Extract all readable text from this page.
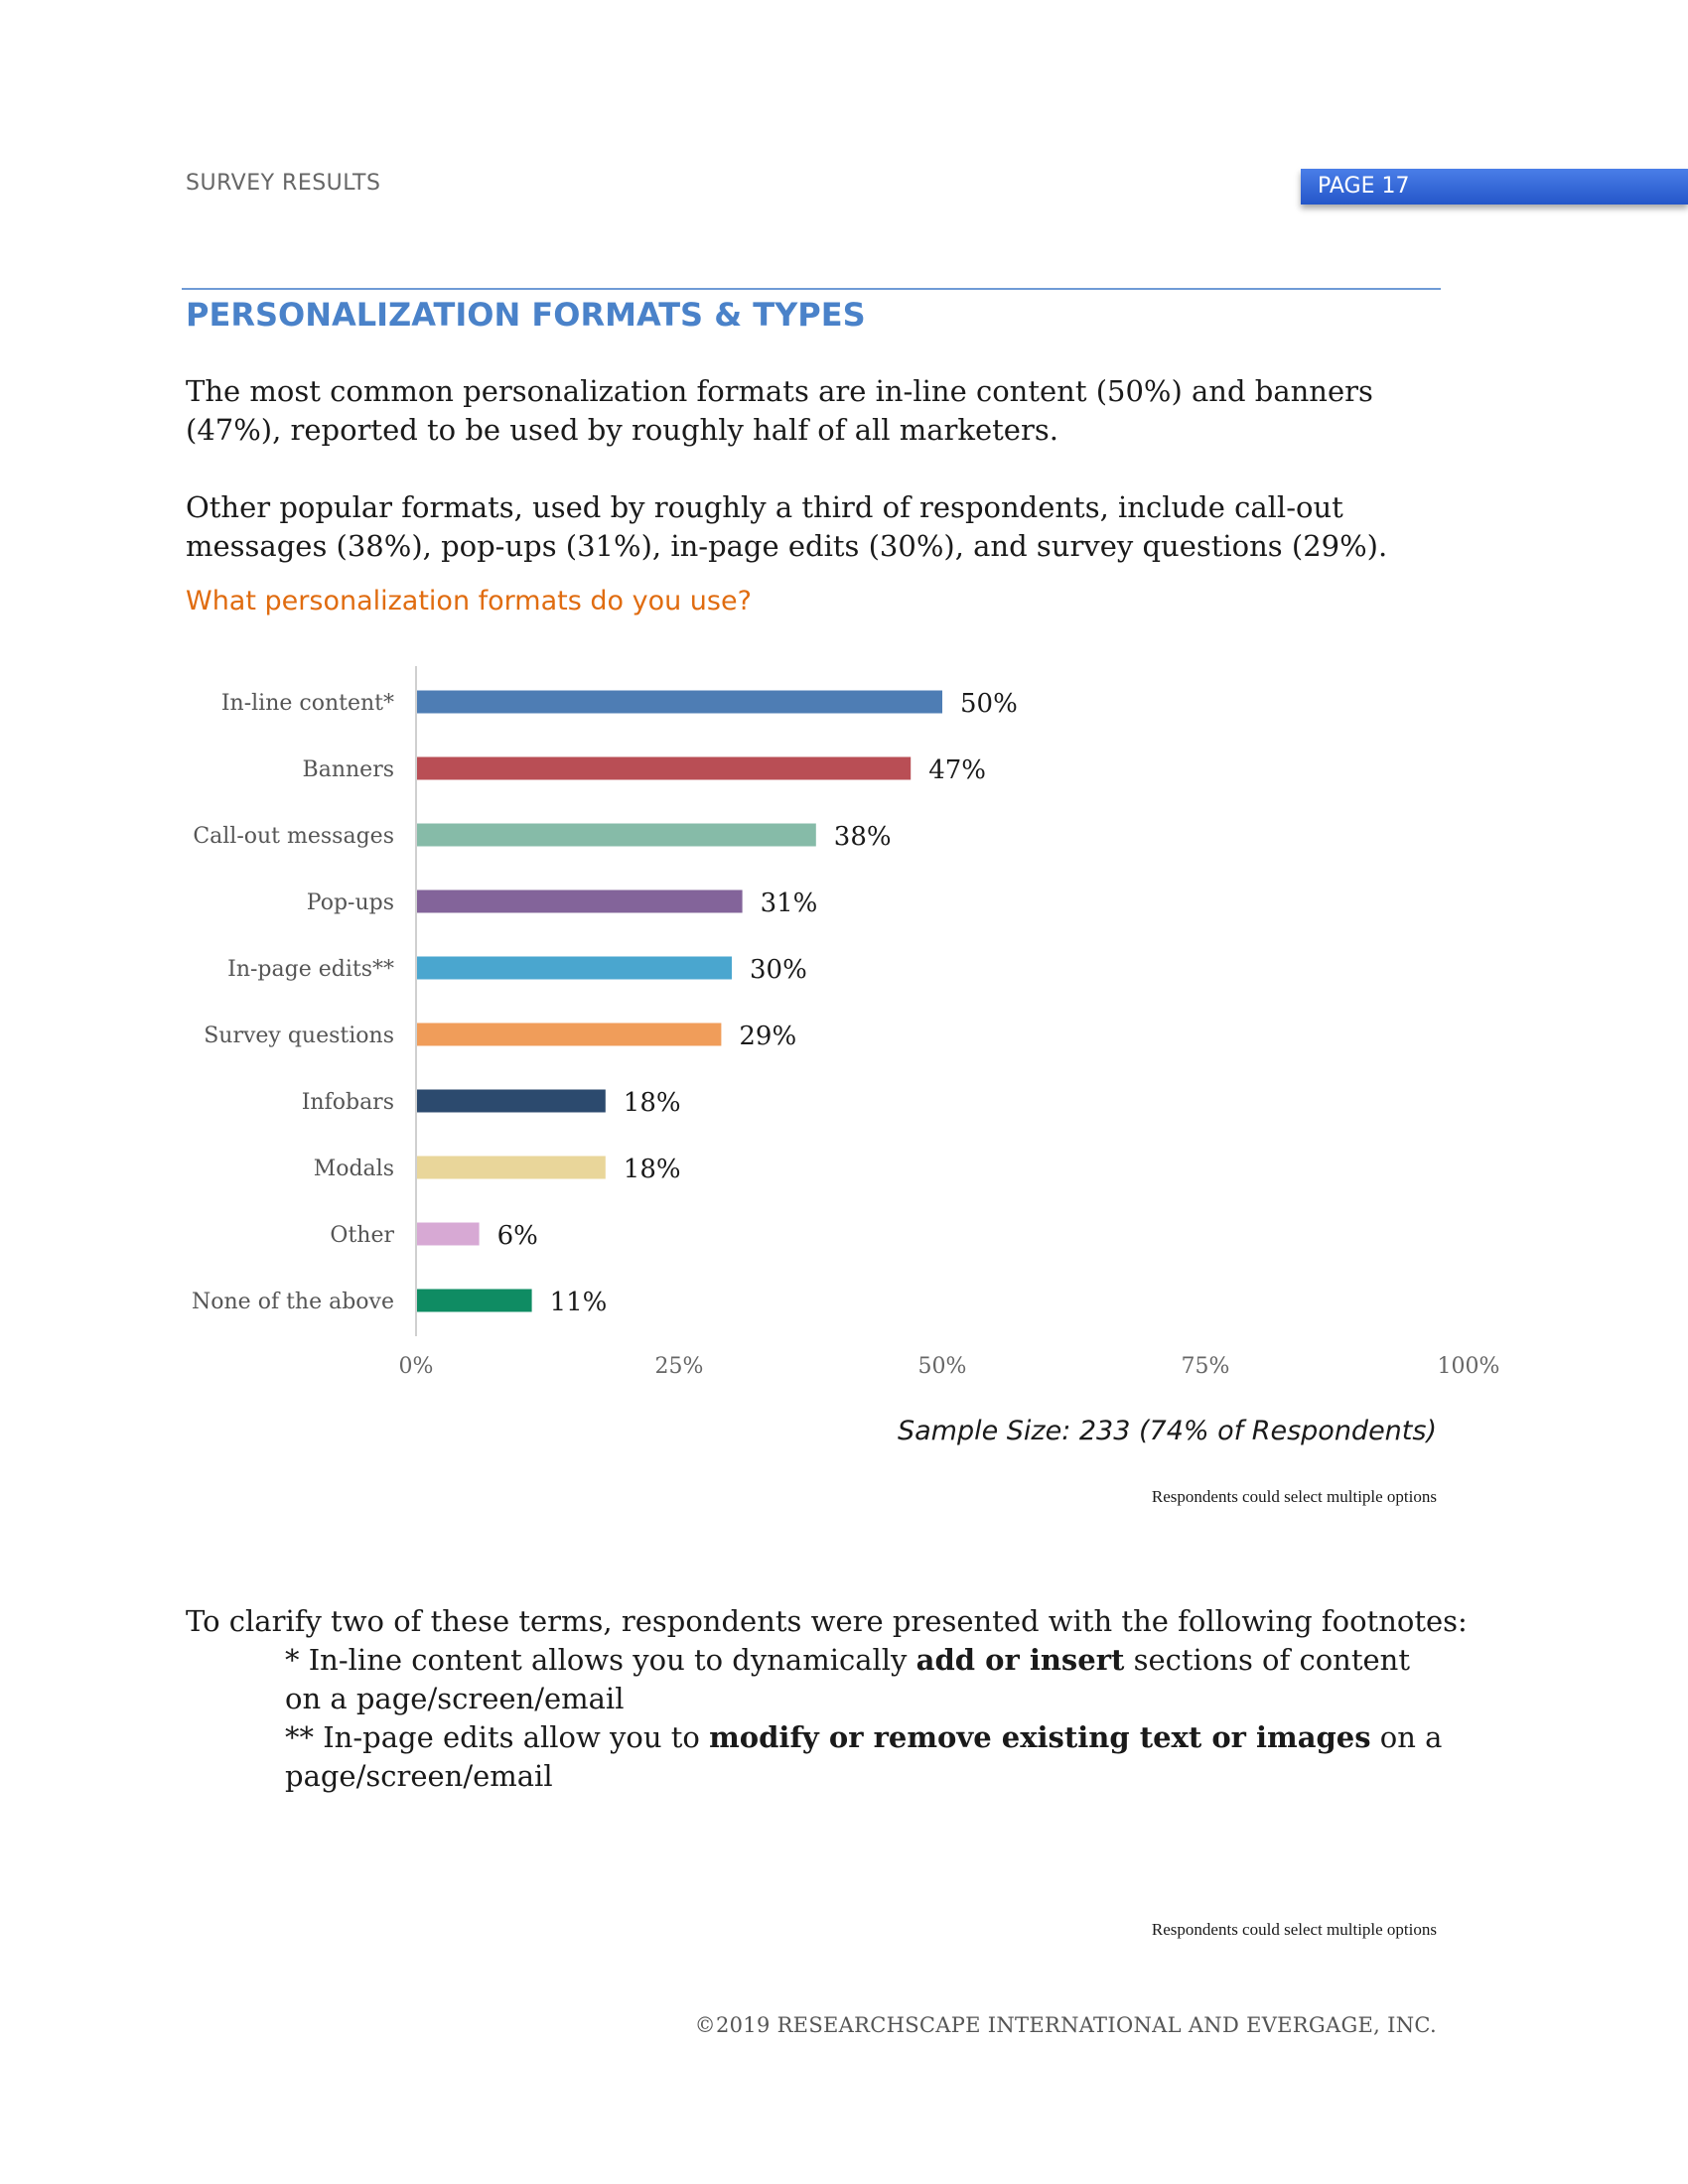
SURVEY RESULTS	PAGE 17
PERSONALIZATION FORMATS & TYPES
The most common personalization formats are in-line content (50%) and banners (47%), reported to be used by roughly half of all marketers.
Other popular formats, used by roughly a third of respondents, include call-out messages (38%), pop-ups (31%), in-page edits (30%), and survey questions (29%).
What personalization formats do you use?
In-line content*	50%
Banners	47%
Call-out messages	38%
Pop-ups	31%
In-page edits**	30%
Survey questions	29%
Infobars	18%
Modals	18%
Other	6%
None of the above	11%
0%	25%	50%	75%	100%
Sample Size: 233 (74% of Respondents)
Respondents could select multiple options
To clarify two of these terms, respondents were presented with the following footnotes:
* In-line content allows you to dynamically add or insert sections of content on a page/screen/email
** In-page edits allow you to modify or remove existing text or images on a page/screen/email
Respondents could select multiple options
©2019 RESEARCHSCAPE INTERNATIONAL AND EVERGAGE, INC.
